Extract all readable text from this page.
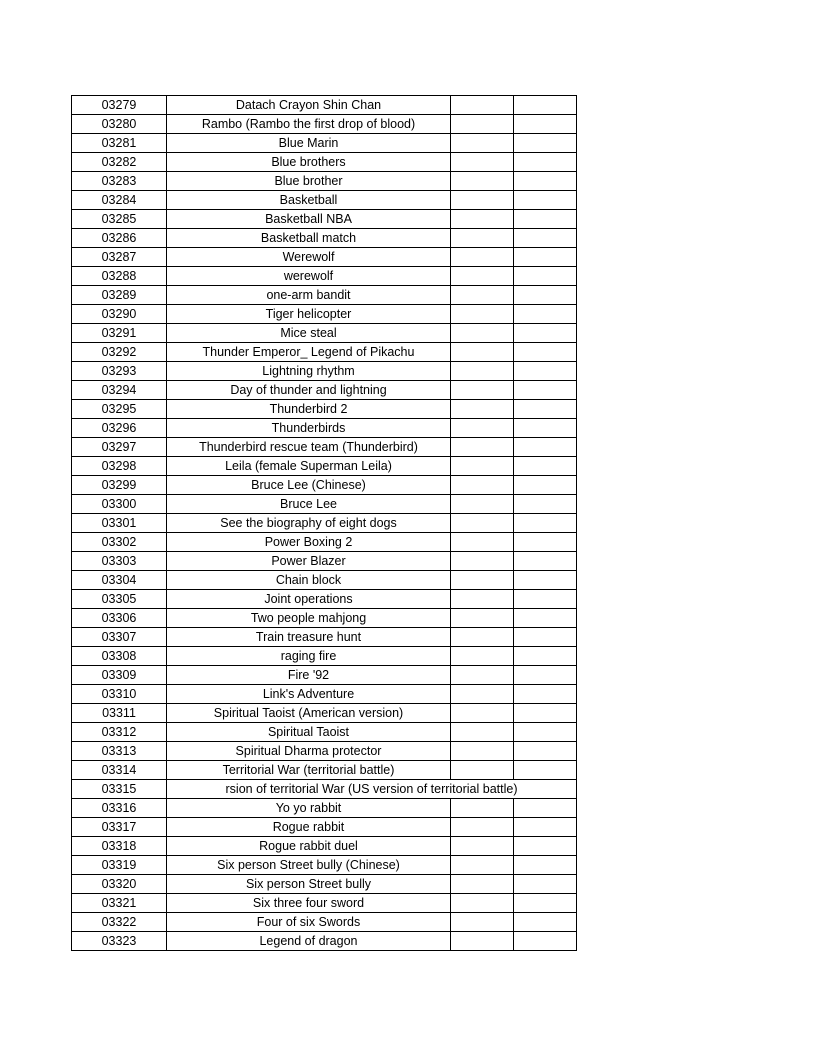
03279	Datach Crayon Shin Chan		
03280	Rambo (Rambo the first drop of blood)		
03281	Blue Marin		
03282	Blue brothers		
03283	Blue brother		
03284	Basketball		
03285	Basketball NBA		
03286	Basketball match		
03287	Werewolf		
03288	werewolf		
03289	one-arm bandit		
03290	Tiger helicopter		
03291	Mice steal		
03292	Thunder Emperor_ Legend of Pikachu		
03293	Lightning rhythm		
03294	Day of thunder and lightning		
03295	Thunderbird 2		
03296	Thunderbirds		
03297	Thunderbird rescue team (Thunderbird)		
03298	Leila (female Superman Leila)		
03299	Bruce Lee (Chinese)		
03300	Bruce Lee		
03301	See the biography of eight dogs		
03302	Power Boxing 2		
03303	Power Blazer		
03304	Chain block		
03305	Joint operations		
03306	Two people mahjong		
03307	Train treasure hunt		
03308	raging fire		
03309	Fire '92		
03310	Link's Adventure		
03311	Spiritual Taoist (American version)		
03312	Spiritual Taoist		
03313	Spiritual Dharma protector		
03314	Territorial War (territorial battle)		
03315	rsion of territorial War (US version of territorial battle)		
03316	Yo yo rabbit		
03317	Rogue rabbit		
03318	Rogue rabbit duel		
03319	Six person Street bully (Chinese)		
03320	Six person Street bully		
03321	Six three four sword		
03322	Four of six Swords		
03323	Legend of dragon		
